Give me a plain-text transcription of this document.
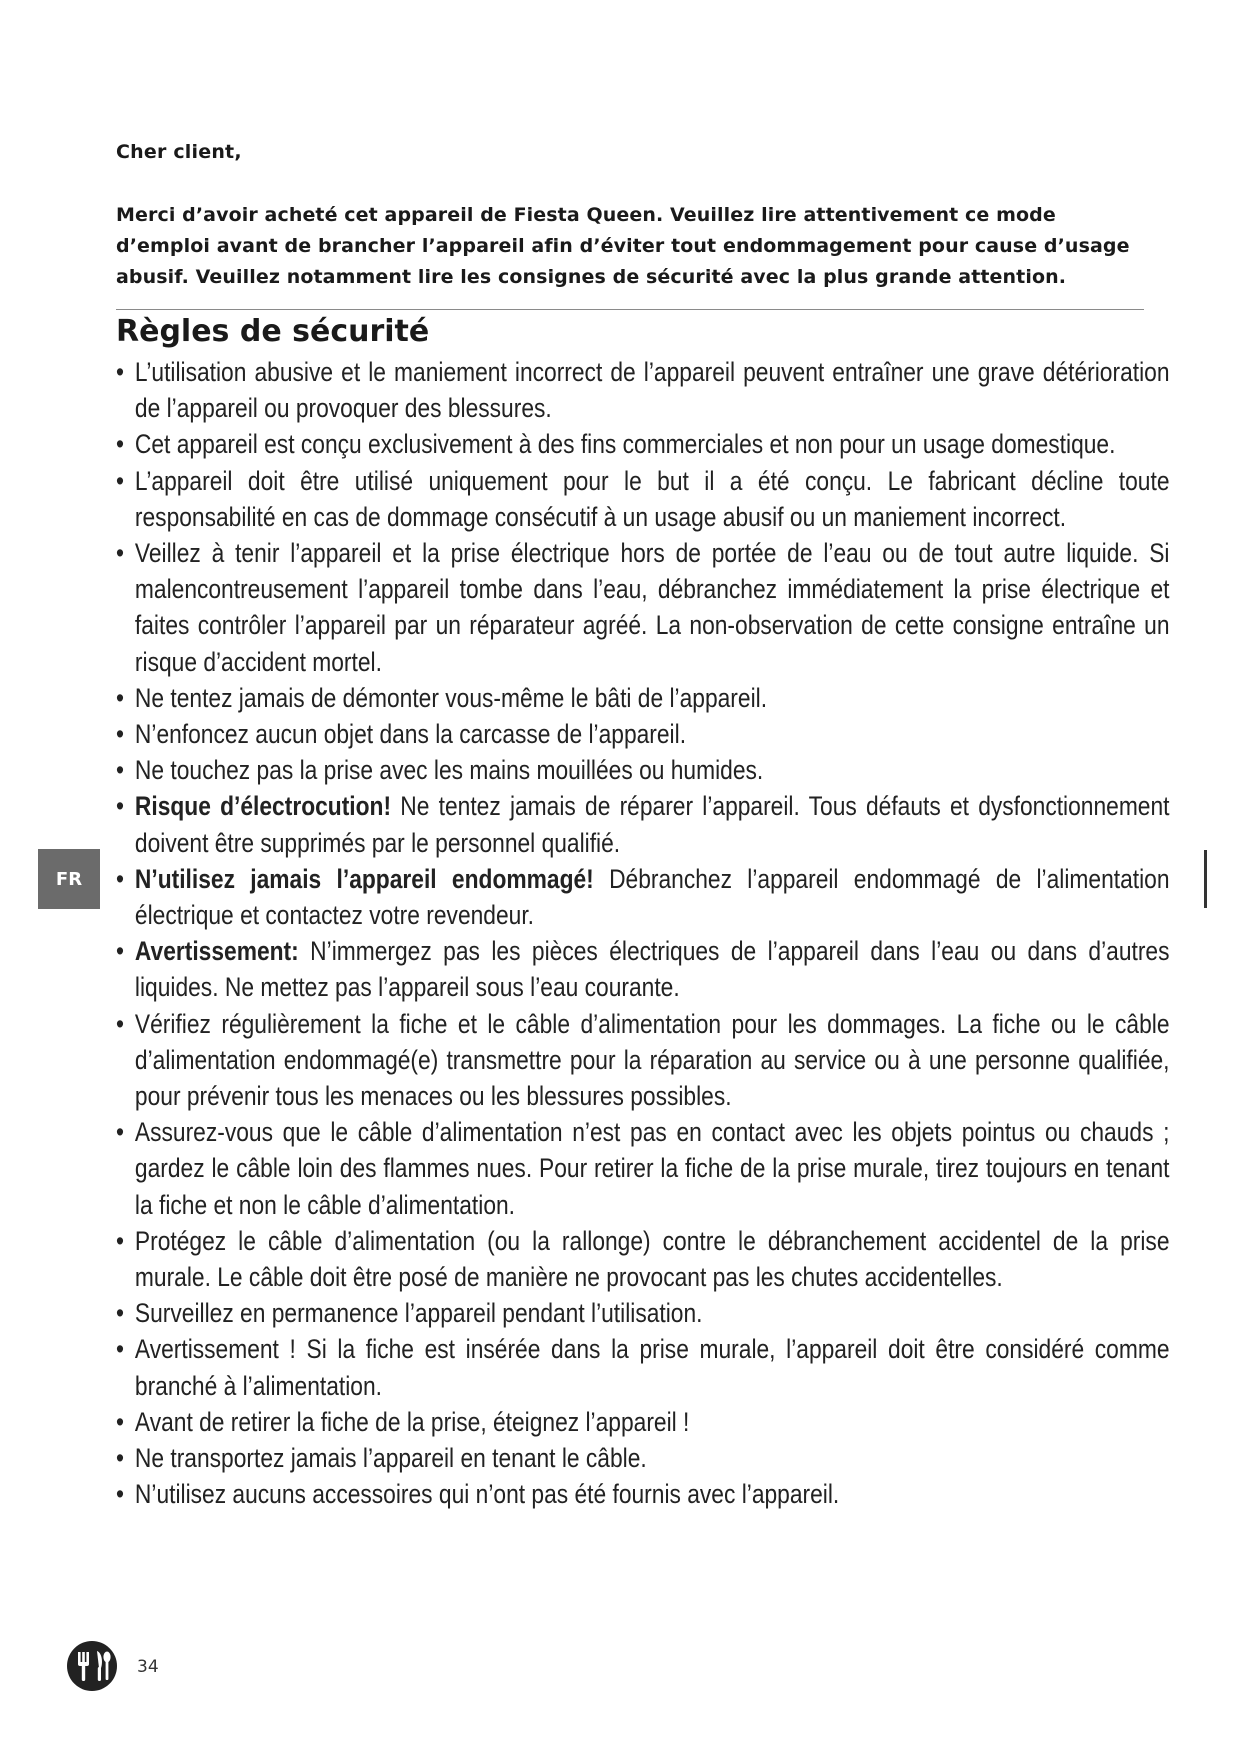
Cher client,
Merci d’avoir acheté cet appareil de Fiesta Queen. Veuillez lire attentivement ce mode d’emploi avant de brancher l’appareil afin d’éviter tout endommagement pour cause d’usage abusif. Veuillez notamment lire les consignes de sécurité avec la plus grande attention.
Règles de sécurité
• L’utilisation abusive et le maniement incorrect de l’appareil peuvent entraîner une grave détérioration de l’appareil ou provoquer des blessures.
• Cet appareil est conçu exclusivement à des fins commerciales et non pour un usage domestique.
• L’appareil doit être utilisé uniquement pour le but il a été conçu. Le fabricant décline toute responsabilité en cas de dommage consécutif à un usage abusif ou un maniement incorrect.
• Veillez à tenir l’appareil et la prise électrique hors de portée de l’eau ou de tout autre liquide. Si malencontreusement l’appareil tombe dans l’eau, débranchez immédiatement la prise électrique et faites contrôler l’appareil par un réparateur agréé. La non-observation de cette consigne entraîne un risque d’accident mortel.
• Ne tentez jamais de démonter vous-même le bâti de l’appareil.
• N’enfoncez aucun objet dans la carcasse de l’appareil.
• Ne touchez pas la prise avec les mains mouillées ou humides.
• Risque d’électrocution! Ne tentez jamais de réparer l’appareil. Tous défauts et dysfonctionnement doivent être supprimés par le personnel qualifié.
• N’utilisez jamais l’appareil endommagé! Débranchez l’appareil endommagé de l’alimentation électrique et contactez votre revendeur.
• Avertissement: N’immergez pas les pièces électriques de l’appareil dans l’eau ou dans d’autres liquides. Ne mettez pas l’appareil sous l’eau courante.
• Vérifiez régulièrement la fiche et le câble d’alimentation pour les dommages. La fiche ou le câble d’alimentation endommagé(e) transmettre pour la réparation au service ou à une personne qualifiée, pour prévenir tous les menaces ou les blessures possibles.
• Assurez-vous que le câble d’alimentation n’est pas en contact avec les objets pointus ou chauds ; gardez le câble loin des flammes nues. Pour retirer la fiche de la prise murale, tirez toujours en tenant la fiche et non le câble d’alimentation.
• Protégez le câble d’alimentation (ou la rallonge) contre le débranchement accidentel de la prise murale. Le câble doit être posé de manière ne provocant pas les chutes accidentelles.
• Surveillez en permanence l’appareil pendant l’utilisation.
• Avertissement ! Si la fiche est insérée dans la prise murale, l’appareil doit être considéré comme branché à l’alimentation.
• Avant de retirer la fiche de la prise, éteignez l’appareil !
• Ne transportez jamais l’appareil en tenant le câble.
• N’utilisez aucuns accessoires qui n’ont pas été fournis avec l’appareil.
FR
34
